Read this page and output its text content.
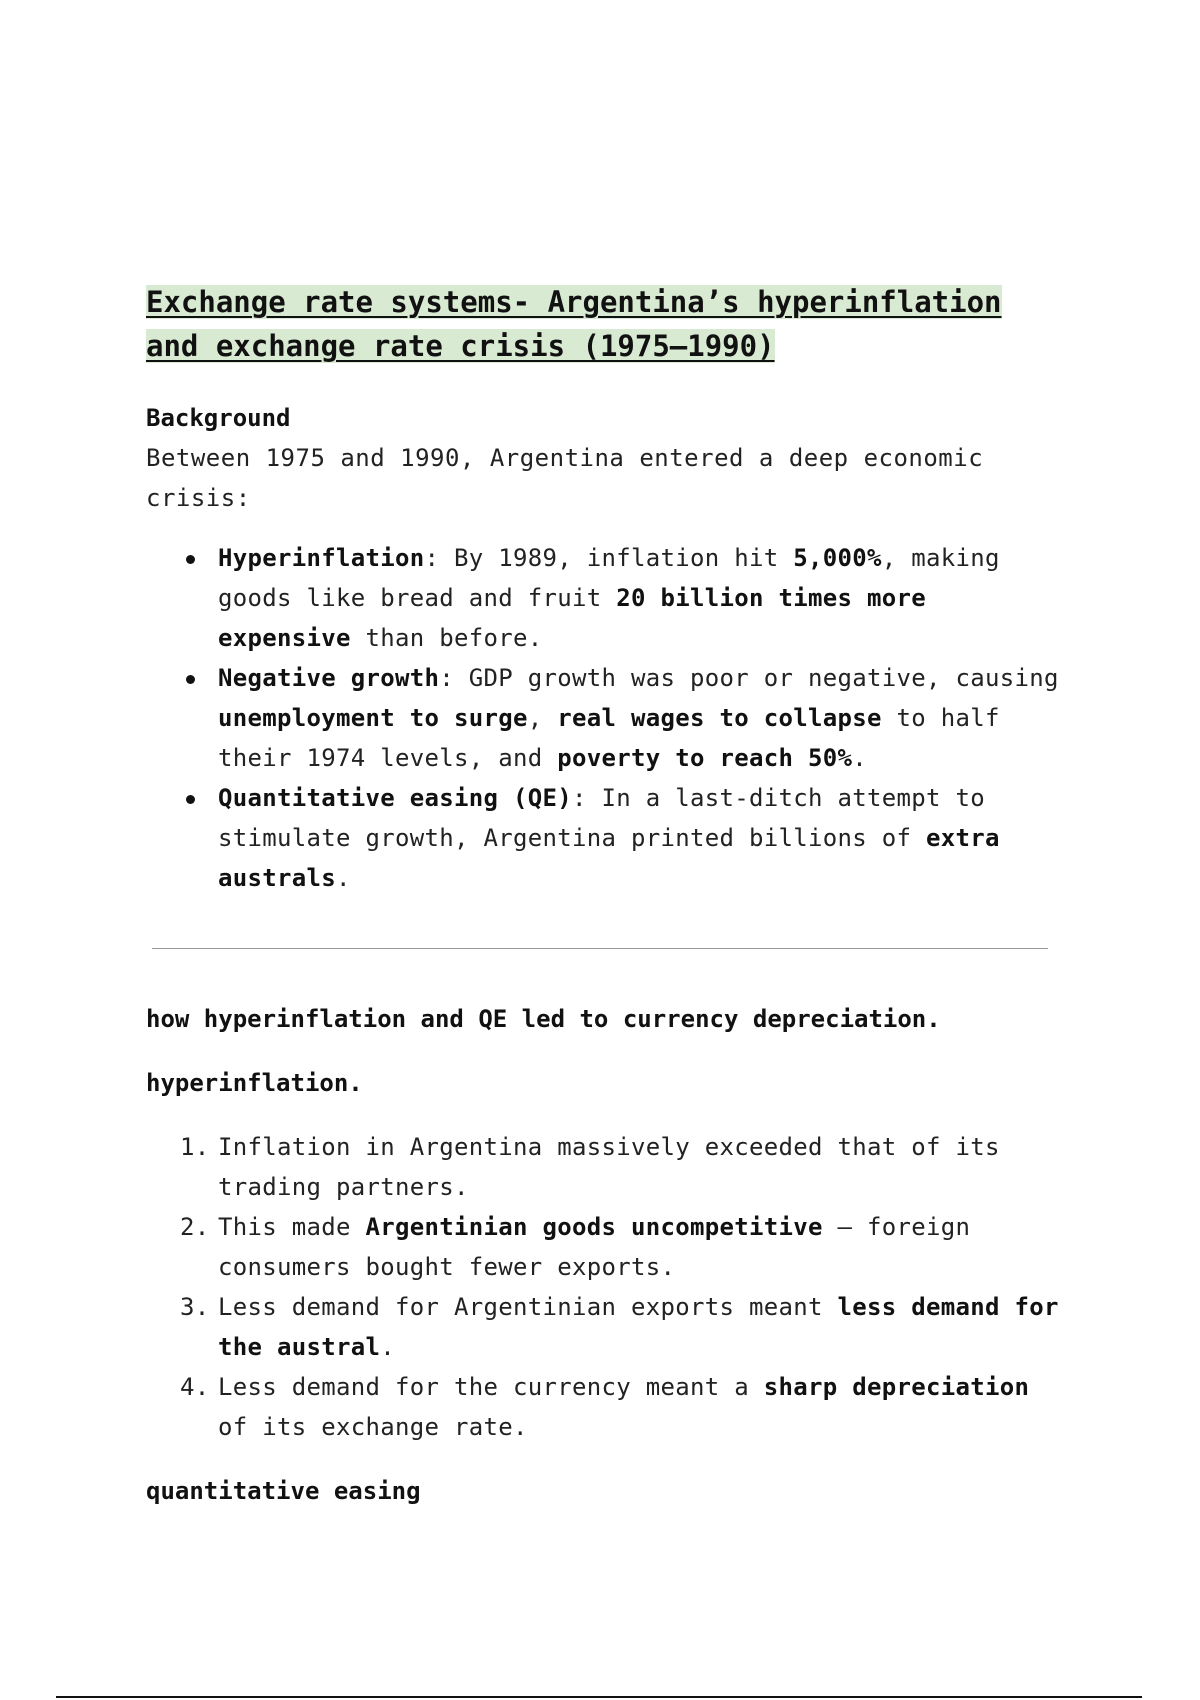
Exchange rate systems- Argentina’s hyperinflation
and exchange rate crisis (1975–1990)
Background

Between 1975 and 1990, Argentina entered a deep economic crisis:

Hyperinflation: By 1989, inflation hit 5,000%, making goods like bread and fruit 20 billion times more expensive than before.
Negative growth: GDP growth was poor or negative, causing unemployment to surge, real wages to collapse to half their 1974 levels, and poverty to reach 50%.
Quantitative easing (QE): In a last-ditch attempt to stimulate growth, Argentina printed billions of extra australs.
how hyperinflation and QE led to currency depreciation.
hyperinflation.
1. Inflation in Argentina massively exceeded that of its trading partners.
2. This made Argentinian goods uncompetitive – foreign consumers bought fewer exports.
3. Less demand for Argentinian exports meant less demand for the austral.
4. Less demand for the currency meant a sharp depreciation of its exchange rate.
quantitative easing
